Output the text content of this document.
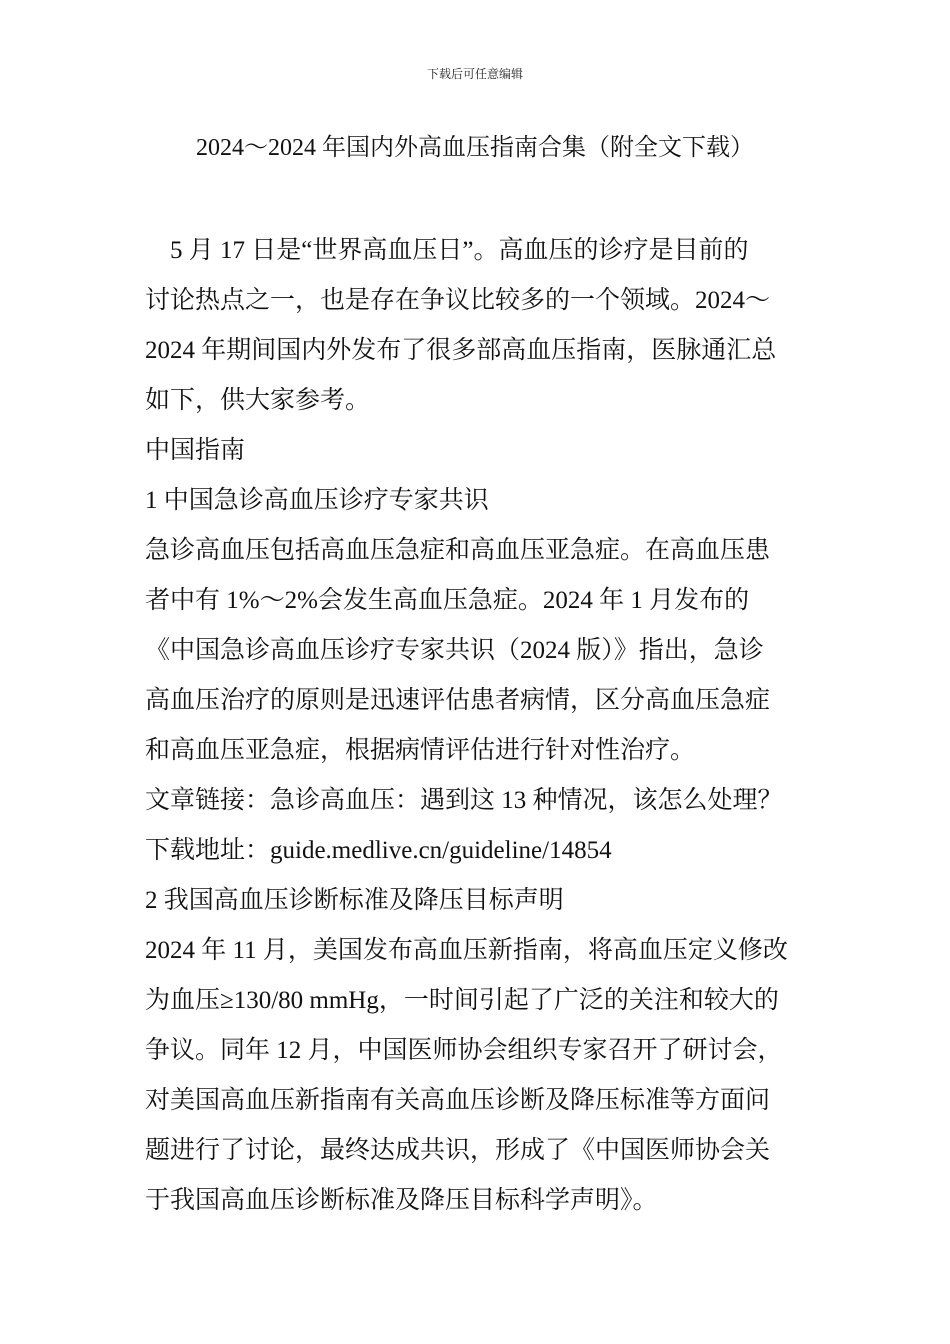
下载后可任意编辑
2024～2024 年国内外高血压指南合集（附全文下载）
5 月 17 日是“世界高血压日”。高血压的诊疗是目前的
讨论热点之一，也是存在争议比较多的一个领域。2024～
2024 年期间国内外发布了很多部高血压指南，医脉通汇总
如下，供大家参考。
中国指南
1 中国急诊高血压诊疗专家共识
急诊高血压包括高血压急症和高血压亚急症。在高血压患
者中有 1%～2%会发生高血压急症。2024 年 1 月发布的
《中国急诊高血压诊疗专家共识（2024 版）》指出，急诊
高血压治疗的原则是迅速评估患者病情，区分高血压急症
和高血压亚急症，根据病情评估进行针对性治疗。
文章链接：急诊高血压：遇到这 13 种情况，该怎么处理？
下载地址：guide.medlive.cn/guideline/14854
2 我国高血压诊断标准及降压目标声明
2024 年 11 月，美国发布高血压新指南，将高血压定义修改
为血压≥130/80 mmHg，一时间引起了广泛的关注和较大的
争议。同年 12 月，中国医师协会组织专家召开了研讨会，
对美国高血压新指南有关高血压诊断及降压标准等方面问
题进行了讨论，最终达成共识，形成了《中国医师协会关
于我国高血压诊断标准及降压目标科学声明》。
